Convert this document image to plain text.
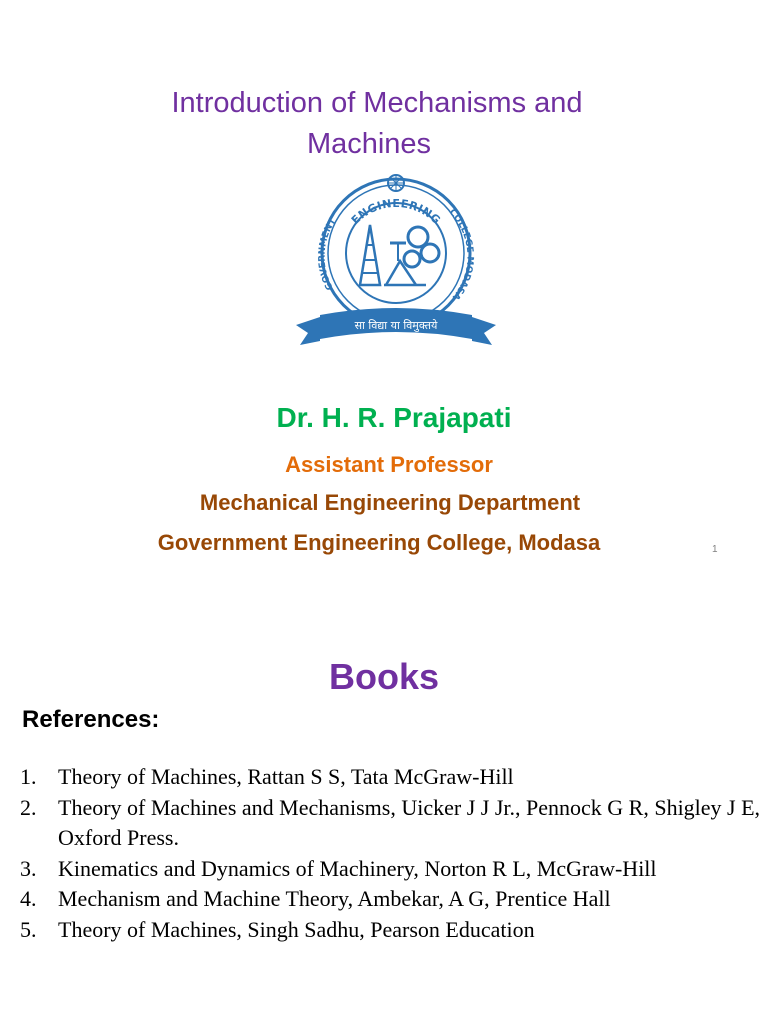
Introduction of Mechanisms and
Machines
ENGINEERING
GOVERNMENT
COLLEGE MODASA
सा विद्या या विमुक्तये
Dr. H. R. Prajapati
Assistant Professor
Mechanical Engineering Department
Government Engineering College, Modasa	1
Books
References:
1. Theory of Machines, Rattan S S, Tata McGraw-Hill
2. Theory of Machines and Mechanisms, Uicker J J Jr., Pennock G R, Shigley J E, Oxford Press.
3. Kinematics and Dynamics of Machinery, Norton R L, McGraw-Hill
4. Mechanism and Machine Theory, Ambekar, A G, Prentice Hall
5. Theory of Machines, Singh Sadhu, Pearson Education
